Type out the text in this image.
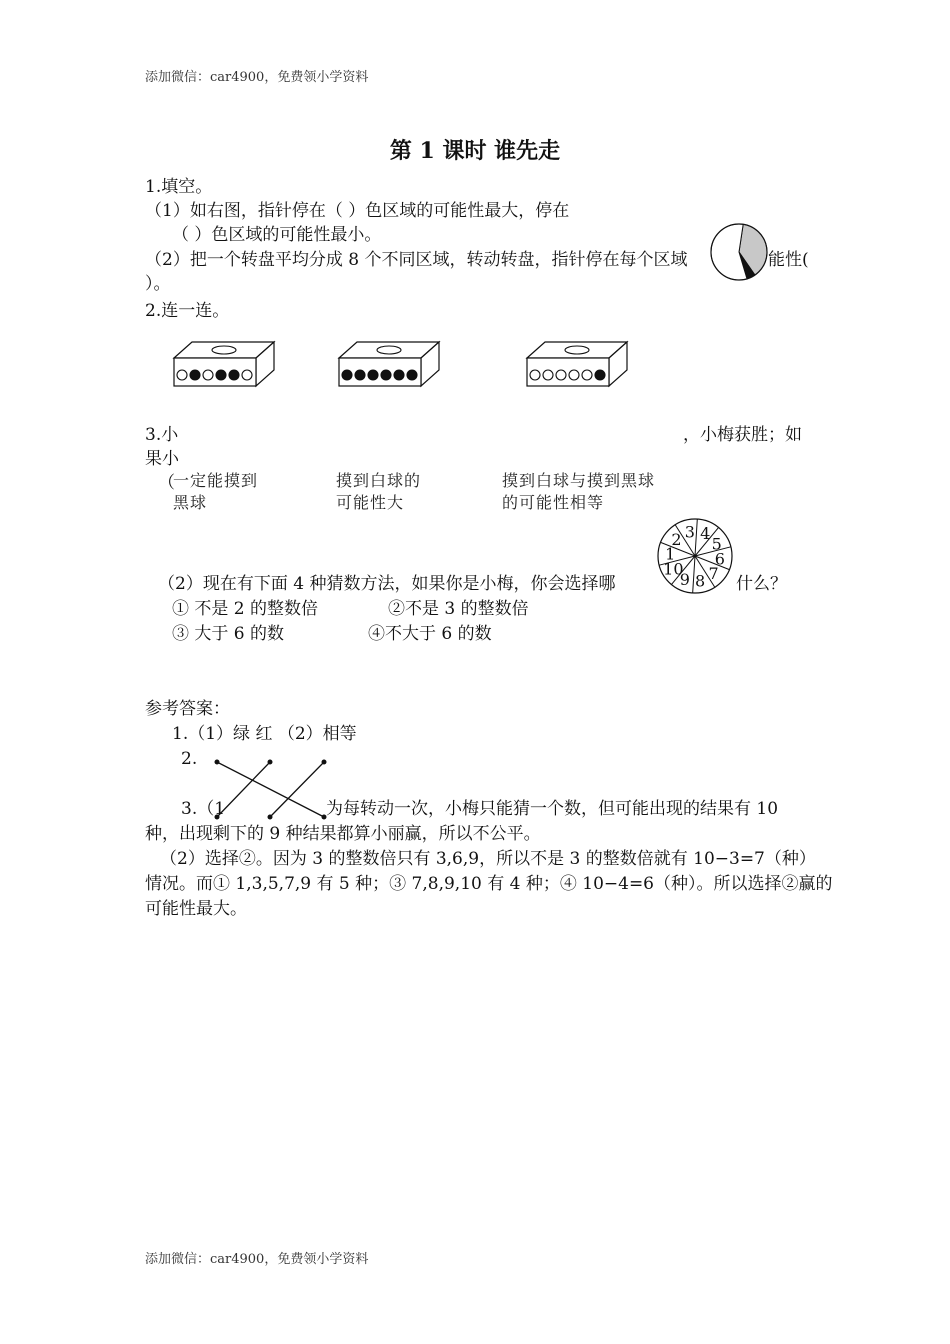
添加微信：car4900，免费领小学资料
第 1 课时 谁先走
1.填空。
（1）如右图，指针停在（ ）色区域的可能性最大，停在
（ ）色区域的可能性最小。
（2）把一个转盘平均分成 8 个不同区域，转动转盘，指针停在每个区域	能性(
）。
2.连一连。
3.小	，小梅获胜；如
果小
（
一定能摸到
黑球
摸到白球的
可能性大
摸到白球与摸到黑球
的可能性相等
1
2 3 4
5
6
7
8
9
10
（2）现在有下面 4 种猜数方法，如果你是小梅，你会选择哪	什么？
① 不是 2 的整数倍	②不是 3 的整数倍
③ 大于 6 的数	④不大于 6 的数
参考答案：
1.（1）绿 红 （2）相等
2.
3.（1	为每转动一次，小梅只能猜一个数，但可能出现的结果有 10
种，出现剩下的 9 种结果都算小丽赢，所以不公平。
（2）选择②。因为 3 的整数倍只有 3,6,9，所以不是 3 的整数倍就有 10−3=7（种）
情况。而① 1,3,5,7,9 有 5 种；③ 7,8,9,10 有 4 种；④ 10−4=6（种）。所以选择②赢的
可能性最大。
添加微信：car4900，免费领小学资料
